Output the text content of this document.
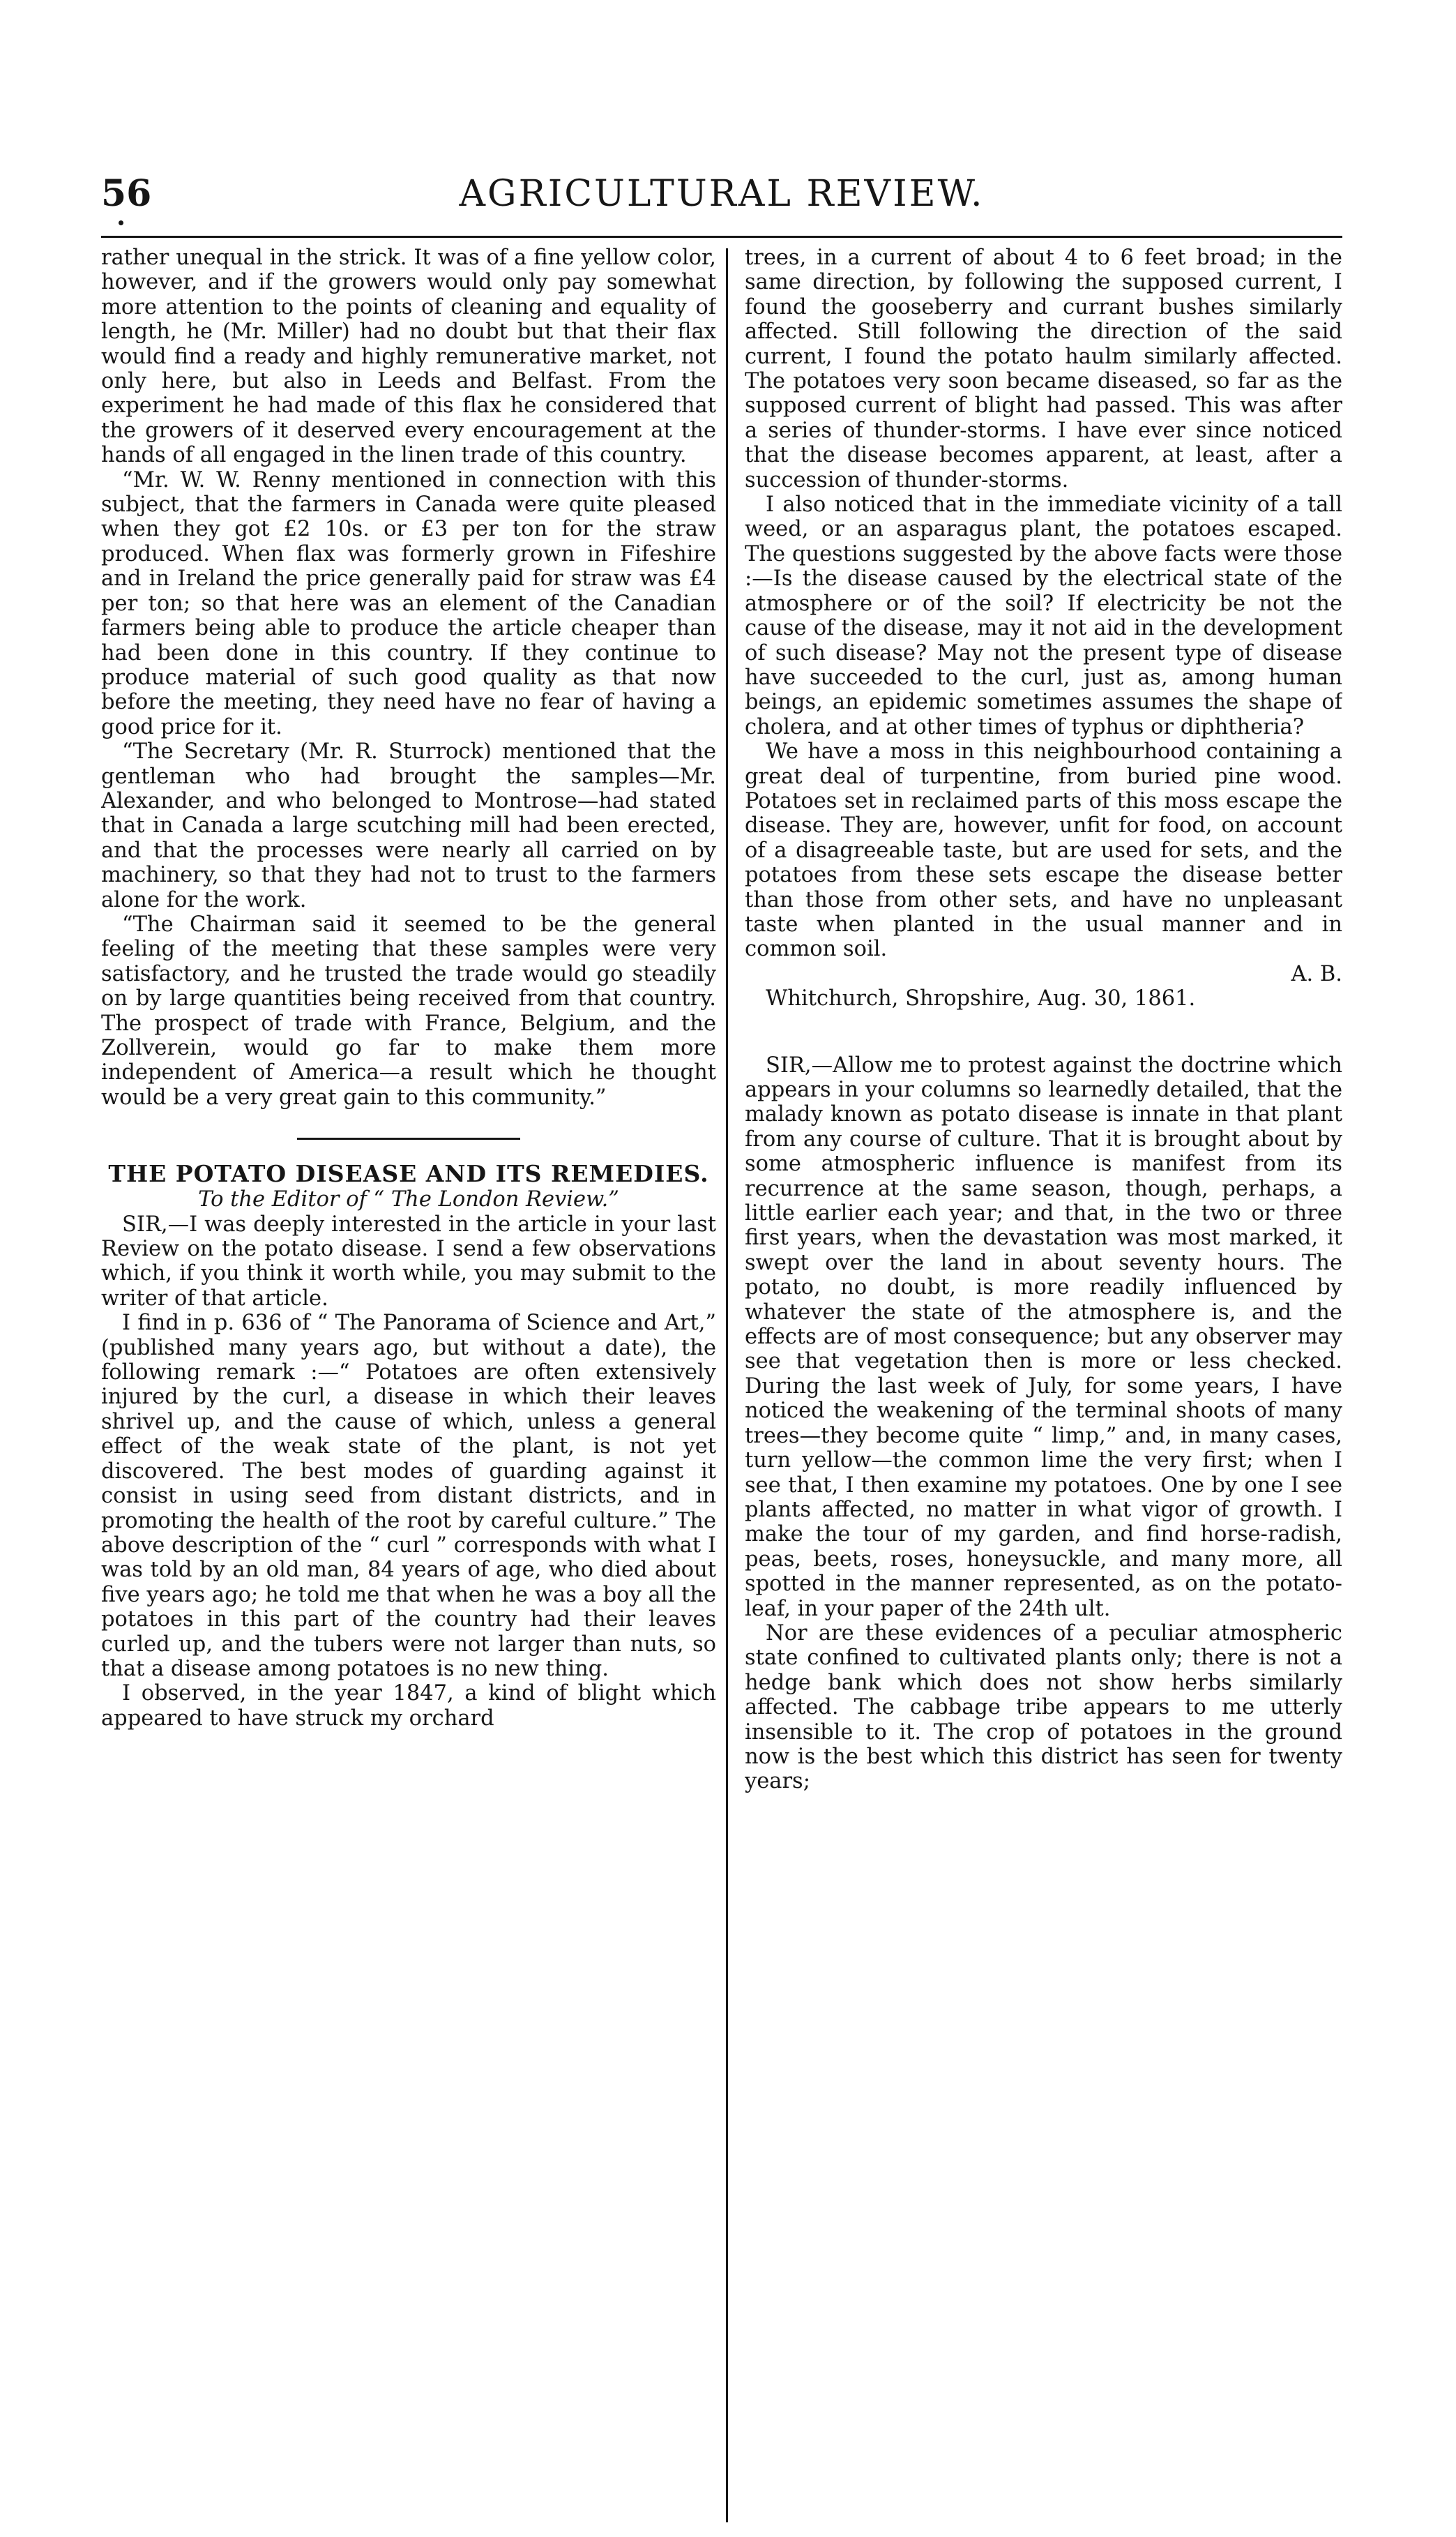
56	AGRICULTURAL REVIEW.

rather unequal in the strick. It was of a fine yellow color, however, and if the growers would only pay somewhat more attention to the points of cleaning and equality of length, he (Mr. Miller) had no doubt but that their flax would find a ready and highly remunerative market, not only here, but also in Leeds and Belfast. From the experiment he had made of this flax he considered that the growers of it deserved every encouragement at the hands of all engaged in the linen trade of this country.

“Mr. W. W. Renny mentioned in connection with this subject, that the farmers in Canada were quite pleased when they got £2 10s. or £3 per ton for the straw produced. When flax was formerly grown in Fifeshire and in Ireland the price generally paid for straw was £4 per ton; so that here was an element of the Canadian farmers being able to produce the article cheaper than had been done in this country. If they continue to produce material of such good quality as that now before the meeting, they need have no fear of having a good price for it.

“The Secretary (Mr. R. Sturrock) mentioned that the gentleman who had brought the samples—Mr. Alexander, and who belonged to Montrose—had stated that in Canada a large scutching mill had been erected, and that the processes were nearly all carried on by machinery, so that they had not to trust to the farmers alone for the work.

“The Chairman said it seemed to be the general feeling of the meeting that these samples were very satisfactory, and he trusted the trade would go steadily on by large quantities being received from that country. The prospect of trade with France, Belgium, and the Zollverein, would go far to make them more independent of America—a result which he thought would be a very great gain to this community.”

THE POTATO DISEASE AND ITS REMEDIES.

To the Editor of “ The London Review.”

SIR,—I was deeply interested in the article in your last Review on the potato disease. I send a few observations which, if you think it worth while, you may submit to the writer of that article.

I find in p. 636 of “ The Panorama of Science and Art,” (published many years ago, but without a date), the following remark :—“ Potatoes are often extensively injured by the curl, a disease in which their leaves shrivel up, and the cause of which, unless a general effect of the weak state of the plant, is not yet discovered. The best modes of guarding against it consist in using seed from distant districts, and in promoting the health of the root by careful culture.” The above description of the “ curl ” corresponds with what I was told by an old man, 84 years of age, who died about five years ago; he told me that when he was a boy all the potatoes in this part of the country had their leaves curled up, and the tubers were not larger than nuts, so that a disease among potatoes is no new thing.

I observed, in the year 1847, a kind of blight which appeared to have struck my orchard

trees, in a current of about 4 to 6 feet broad; in the same direction, by following the supposed current, I found the gooseberry and currant bushes similarly affected. Still following the direction of the said current, I found the potato haulm similarly affected. The potatoes very soon became diseased, so far as the supposed current of blight had passed. This was after a series of thunder-storms. I have ever since noticed that the disease becomes apparent, at least, after a succession of thunder-storms.

I also noticed that in the immediate vicinity of a tall weed, or an asparagus plant, the potatoes escaped. The questions suggested by the above facts were those :—Is the disease caused by the electrical state of the atmosphere or of the soil? If electricity be not the cause of the disease, may it not aid in the development of such disease? May not the present type of disease have succeeded to the curl, just as, among human beings, an epidemic sometimes assumes the shape of cholera, and at other times of typhus or diphtheria?

We have a moss in this neighbourhood containing a great deal of turpentine, from buried pine wood. Potatoes set in reclaimed parts of this moss escape the disease. They are, however, unfit for food, on account of a disagreeable taste, but are used for sets, and the potatoes from these sets escape the disease better than those from other sets, and have no unpleasant taste when planted in the usual manner and in common soil.

A. B.

Whitchurch, Shropshire, Aug. 30, 1861.

SIR,—Allow me to protest against the doctrine which appears in your columns so learnedly detailed, that the malady known as potato disease is innate in that plant from any course of culture. That it is brought about by some atmospheric influence is manifest from its recurrence at the same season, though, perhaps, a little earlier each year; and that, in the two or three first years, when the devastation was most marked, it swept over the land in about seventy hours. The potato, no doubt, is more readily influenced by whatever the state of the atmosphere is, and the effects are of most consequence; but any observer may see that vegetation then is more or less checked. During the last week of July, for some years, I have noticed the weakening of the terminal shoots of many trees—they become quite “ limp,” and, in many cases, turn yellow—the common lime the very first; when I see that, I then examine my potatoes. One by one I see plants affected, no matter in what vigor of growth. I make the tour of my garden, and find horse-radish, peas, beets, roses, honeysuckle, and many more, all spotted in the manner represented, as on the potato-leaf, in your paper of the 24th ult.

Nor are these evidences of a peculiar atmospheric state confined to cultivated plants only; there is not a hedge bank which does not show herbs similarly affected. The cabbage tribe appears to me utterly insensible to it. The crop of potatoes in the ground now is the best which this district has seen for twenty years;
